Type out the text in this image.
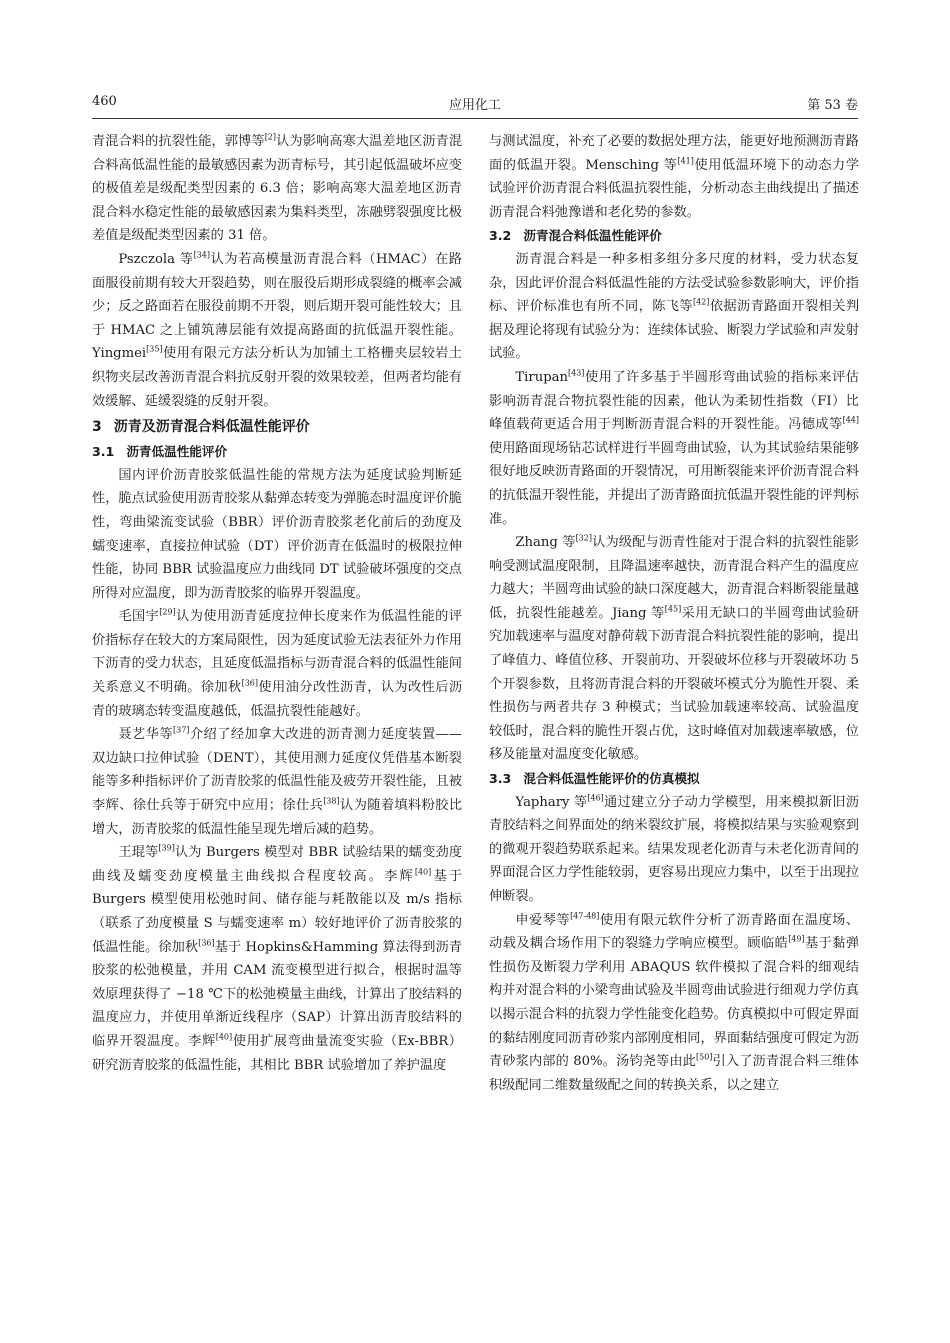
460	应用化工	第 53 卷

青混合料的抗裂性能，郭博等[2]认为影响高寒大温差地区沥青混合料高低温性能的最敏感因素为沥青标号，其引起低温破坏应变的极值差是级配类型因素的 6.3 倍；影响高寒大温差地区沥青混合料水稳定性能的最敏感因素为集料类型，冻融劈裂强度比极差值是级配类型因素的 31 倍。

Pszczola 等[34]认为若高模量沥青混合料（HMAC）在路面服役前期有较大开裂趋势，则在服役后期形成裂缝的概率会减少；反之路面若在服役前期不开裂，则后期开裂可能性较大；且于 HMAC 之上铺筑薄层能有效提高路面的抗低温开裂性能。Yingmei[35]使用有限元方法分析认为加铺土工格栅夹层较岩土织物夹层改善沥青混合料抗反射开裂的效果较差，但两者均能有效缓解、延缓裂缝的反射开裂。

3 沥青及沥青混合料低温性能评价
3.1 沥青低温性能评价

国内评价沥青胶浆低温性能的常规方法为延度试验判断延性，脆点试验使用沥青胶浆从黏弹态转变为弹脆态时温度评价脆性，弯曲梁流变试验（BBR）评价沥青胶浆老化前后的劲度及蠕变速率，直接拉伸试验（DT）评价沥青在低温时的极限拉伸性能，协同 BBR 试验温度应力曲线同 DT 试验破坏强度的交点所得对应温度，即为沥青胶浆的临界开裂温度。

毛国宇[29]认为使用沥青延度拉伸长度来作为低温性能的评价指标存在较大的方案局限性，因为延度试验无法表征外力作用下沥青的受力状态，且延度低温指标与沥青混合料的低温性能间关系意义不明确。徐加秋[36]使用油分改性沥青，认为改性后沥青的玻璃态转变温度越低，低温抗裂性能越好。

聂艺华等[37]介绍了经加拿大改进的沥青测力延度装置——双边缺口拉伸试验（DENT），其使用测力延度仪凭借基本断裂能等多种指标评价了沥青胶浆的低温性能及疲劳开裂性能，且被李辉、徐仕兵等于研究中应用；徐仕兵[38]认为随着填料粉胶比增大，沥青胶浆的低温性能呈现先增后减的趋势。

王琨等[39]认为 Burgers 模型对 BBR 试验结果的蠕变劲度曲线及蠕变劲度模量主曲线拟合程度较高。李辉[40]基于 Burgers 模型使用松弛时间、储存能与耗散能以及 m/s 指标（联系了劲度模量 S 与蠕变速率 m）较好地评价了沥青胶浆的低温性能。徐加秋[36]基于 Hopkins&Hamming 算法得到沥青胶浆的松弛模量，并用 CAM 流变模型进行拟合，根据时温等效原理获得了 −18 ℃下的松弛模量主曲线，计算出了胶结料的温度应力，并使用单渐近线程序（SAP）计算出沥青胶结料的临界开裂温度。李辉[40]使用扩展弯曲量流变实验（Ex-BBR）研究沥青胶浆的低温性能，其相比 BBR 试验增加了养护温度

与测试温度，补充了必要的数据处理方法，能更好地预测沥青路面的低温开裂。Mensching 等[41]使用低温环境下的动态力学试验评价沥青混合料低温抗裂性能，分析动态主曲线提出了描述沥青混合料弛豫谱和老化势的参数。

3.2 沥青混合料低温性能评价

沥青混合料是一种多相多组分多尺度的材料，受力状态复杂，因此评价混合料低温性能的方法受试验参数影响大，评价指标、评价标准也有所不同，陈飞等[42]依据沥青路面开裂相关判据及理论将现有试验分为：连续体试验、断裂力学试验和声发射试验。

Tirupan[43]使用了许多基于半圆形弯曲试验的指标来评估影响沥青混合物抗裂性能的因素，他认为柔韧性指数（FI）比峰值载荷更适合用于判断沥青混合料的开裂性能。冯德成等[44]使用路面现场钻芯试样进行半圆弯曲试验，认为其试验结果能够很好地反映沥青路面的开裂情况，可用断裂能来评价沥青混合料的抗低温开裂性能，并提出了沥青路面抗低温开裂性能的评判标准。

Zhang 等[32]认为级配与沥青性能对于混合料的抗裂性能影响受测试温度限制，且降温速率越快，沥青混合料产生的温度应力越大；半圆弯曲试验的缺口深度越大，沥青混合料断裂能量越低，抗裂性能越差。Jiang 等[45]采用无缺口的半圆弯曲试验研究加载速率与温度对静荷载下沥青混合料抗裂性能的影响，提出了峰值力、峰值位移、开裂前功、开裂破坏位移与开裂破坏功 5 个开裂参数，且将沥青混合料的开裂破坏模式分为脆性开裂、柔性损伤与两者共存 3 种模式；当试验加载速率较高、试验温度较低时，混合料的脆性开裂占优，这时峰值对加载速率敏感，位移及能量对温度变化敏感。

3.3 混合料低温性能评价的仿真模拟

Yaphary 等[46]通过建立分子动力学模型，用来模拟新旧沥青胶结料之间界面处的纳米裂纹扩展，将模拟结果与实验观察到的微观开裂趋势联系起来。结果发现老化沥青与未老化沥青间的界面混合区力学性能较弱，更容易出现应力集中，以至于出现拉伸断裂。

申爱琴等[47-48]使用有限元软件分析了沥青路面在温度场、动载及耦合场作用下的裂缝力学响应模型。顾临皓[49]基于黏弹性损伤及断裂力学利用 ABAQUS 软件模拟了混合料的细观结构并对混合料的小梁弯曲试验及半圆弯曲试验进行细观力学仿真以揭示混合料的抗裂力学性能变化趋势。仿真模拟中可假定界面的黏结刚度同沥青砂浆内部刚度相同，界面黏结强度可假定为沥青砂浆内部的 80%。汤钧尧等由此[50]引入了沥青混合料三维体积级配同二维数量级配之间的转换关系，以之建立
